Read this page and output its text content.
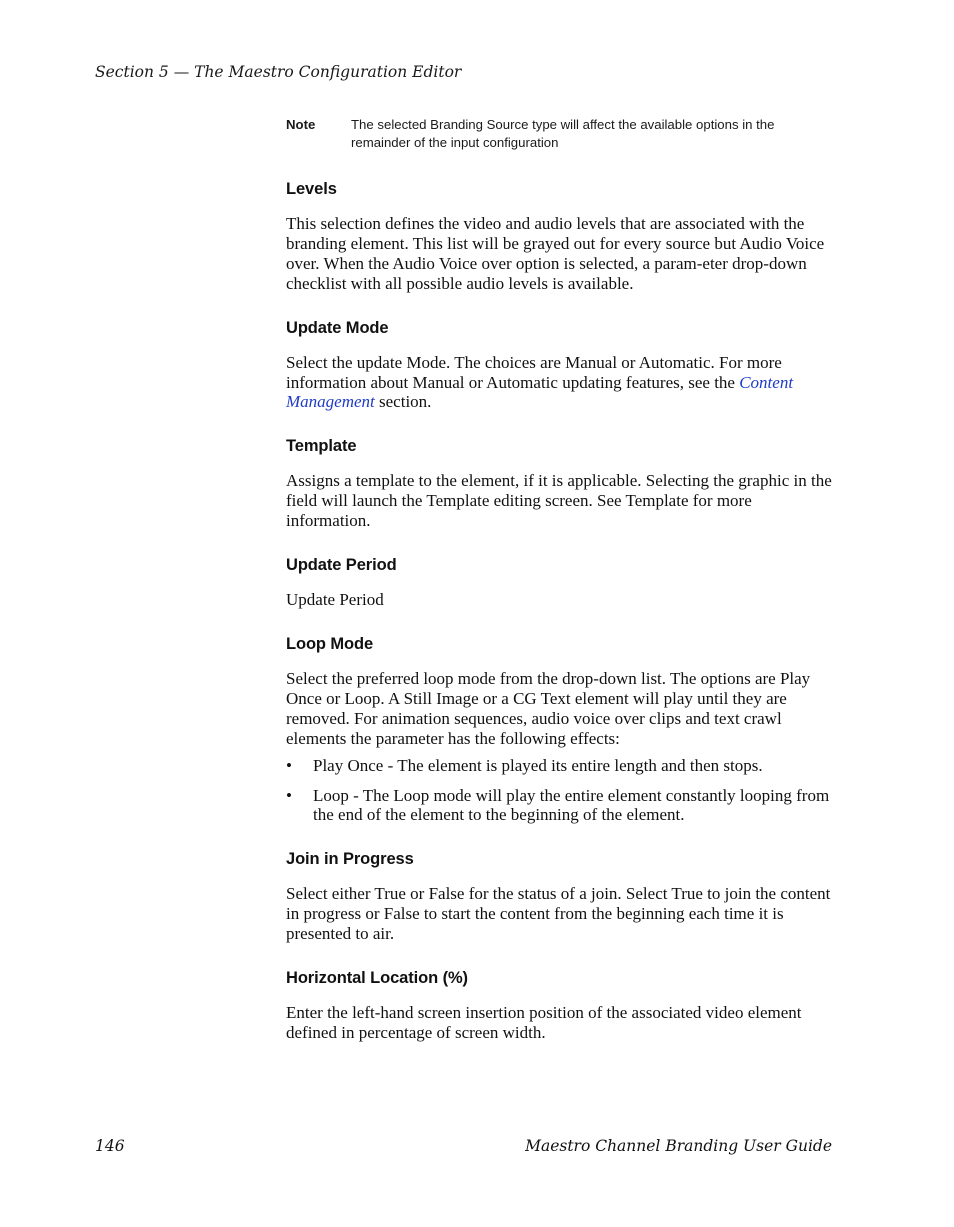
Section 5 — The Maestro Configuration Editor
Note	The selected Branding Source type will affect the available options in the remainder of the input configuration
Levels

This selection defines the video and audio levels that are associated with the branding element. This list will be grayed out for every source but Audio Voice over. When the Audio Voice over option is selected, a param-eter drop-down checklist with all possible audio levels is available.

Update Mode

Select the update Mode. The choices are Manual or Automatic. For more information about Manual or Automatic updating features, see the Content Management section.

Template

Assigns a template to the element, if it is applicable. Selecting the graphic in the field will launch the Template editing screen. See Template for more information.

Update Period

Update Period

Loop Mode

Select the preferred loop mode from the drop-down list. The options are Play Once or Loop. A Still Image or a CG Text element will play until they are removed. For animation sequences, audio voice over clips and text crawl elements the parameter has the following effects:

• Play Once - The element is played its entire length and then stops.
• Loop - The Loop mode will play the entire element constantly looping from the end of the element to the beginning of the element.
Join in Progress

Select either True or False for the status of a join. Select True to join the content in progress or False to start the content from the beginning each time it is presented to air.

Horizontal Location (%)

Enter the left-hand screen insertion position of the associated video element defined in percentage of screen width.

146	Maestro Channel Branding User Guide
